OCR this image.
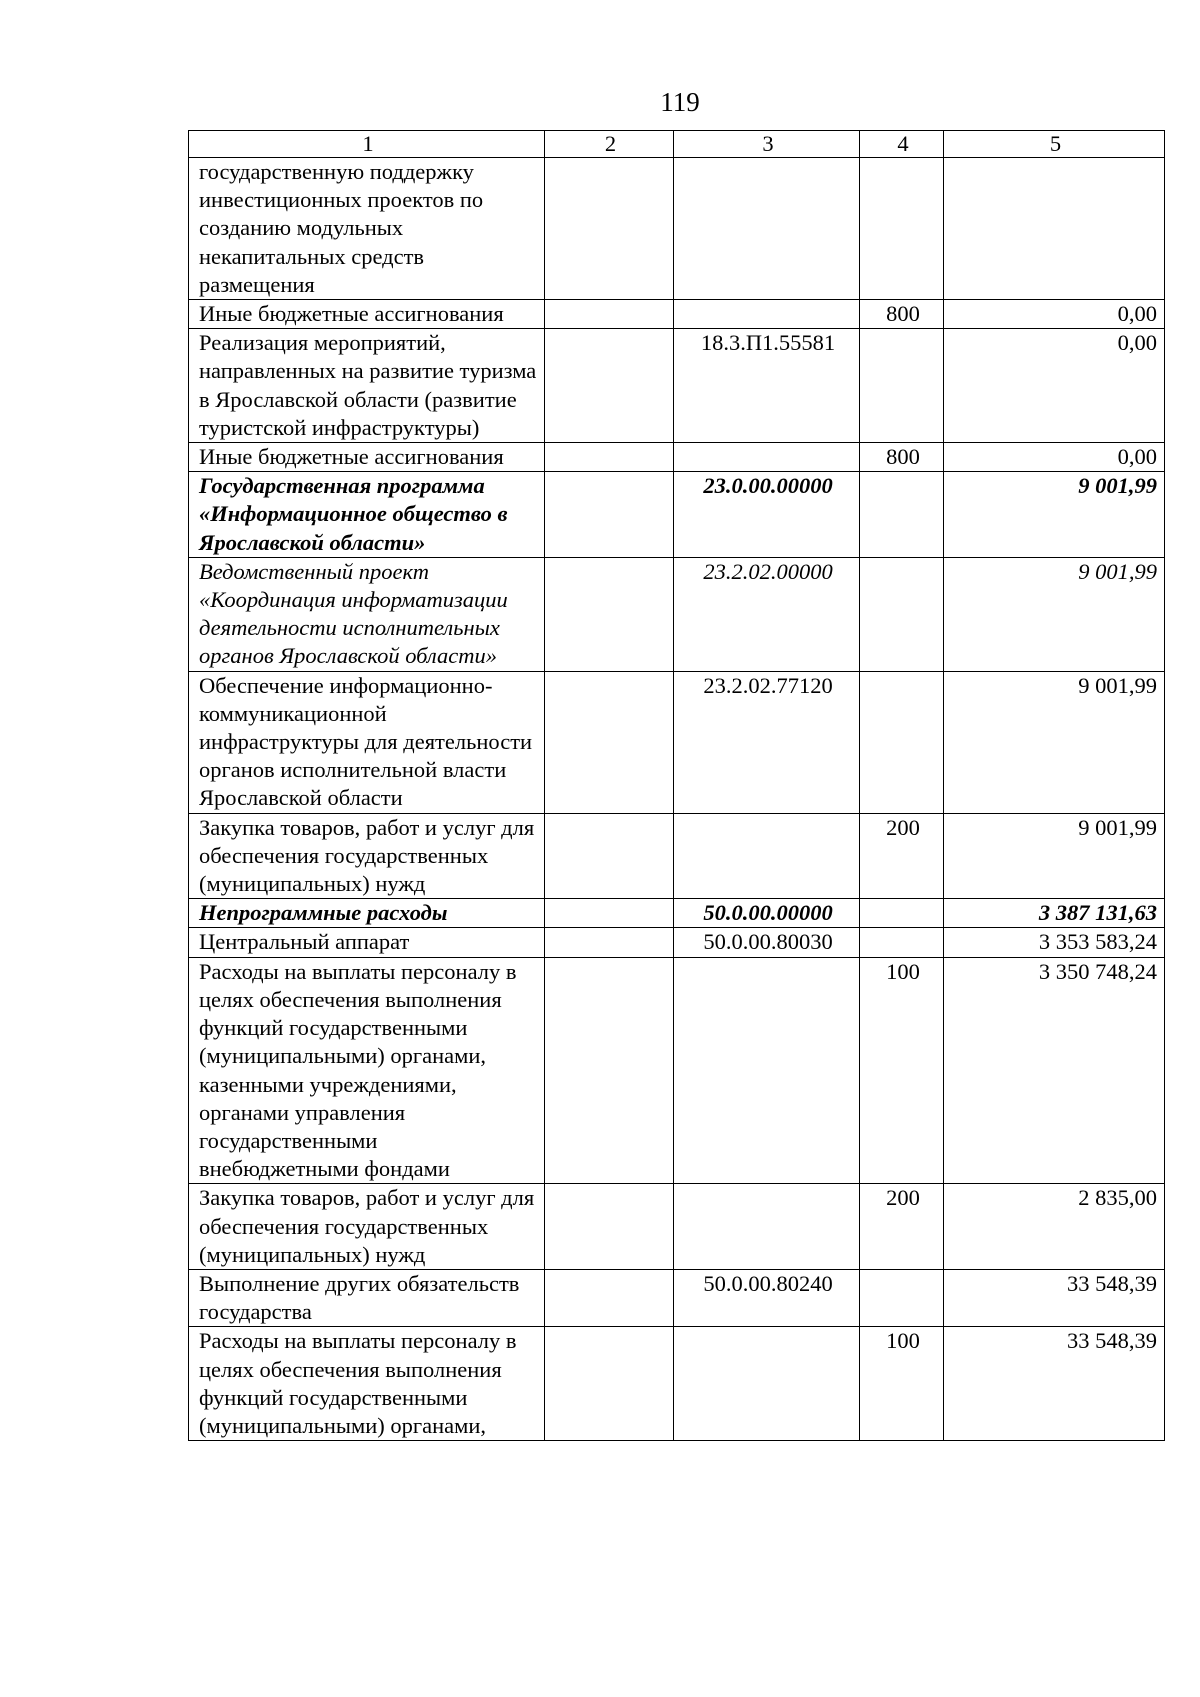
119
1	2	3	4	5
государственную поддержку инвестиционных проектов по созданию модульных некапитальных средств размещения				
Иные бюджетные ассигнования			800	0,00
Реализация мероприятий, направленных на развитие туризма в Ярославской области (развитие туристской инфраструктуры)		18.3.П1.55581		0,00
Иные бюджетные ассигнования			800	0,00
Государственная программа «Информационное общество в Ярославской области»		23.0.00.00000		9 001,99
Ведомственный проект «Координация информатизации деятельности исполнительных органов Ярославской области»		23.2.02.00000		9 001,99
Обеспечение информационно-коммуникационной инфраструктуры для деятельности органов исполнительной власти Ярославской области		23.2.02.77120		9 001,99
Закупка товаров, работ и услуг для обеспечения государственных (муниципальных) нужд			200	9 001,99
Непрограммные расходы		50.0.00.00000		3 387 131,63
Центральный аппарат		50.0.00.80030		3 353 583,24
Расходы на выплаты персоналу в целях обеспечения выполнения функций государственными (муниципальными) органами, казенными учреждениями, органами управления государственными внебюджетными фондами			100	3 350 748,24
Закупка товаров, работ и услуг для обеспечения государственных (муниципальных) нужд			200	2 835,00
Выполнение других обязательств государства		50.0.00.80240		33 548,39
Расходы на выплаты персоналу в целях обеспечения выполнения функций государственными (муниципальными) органами,			100	33 548,39
